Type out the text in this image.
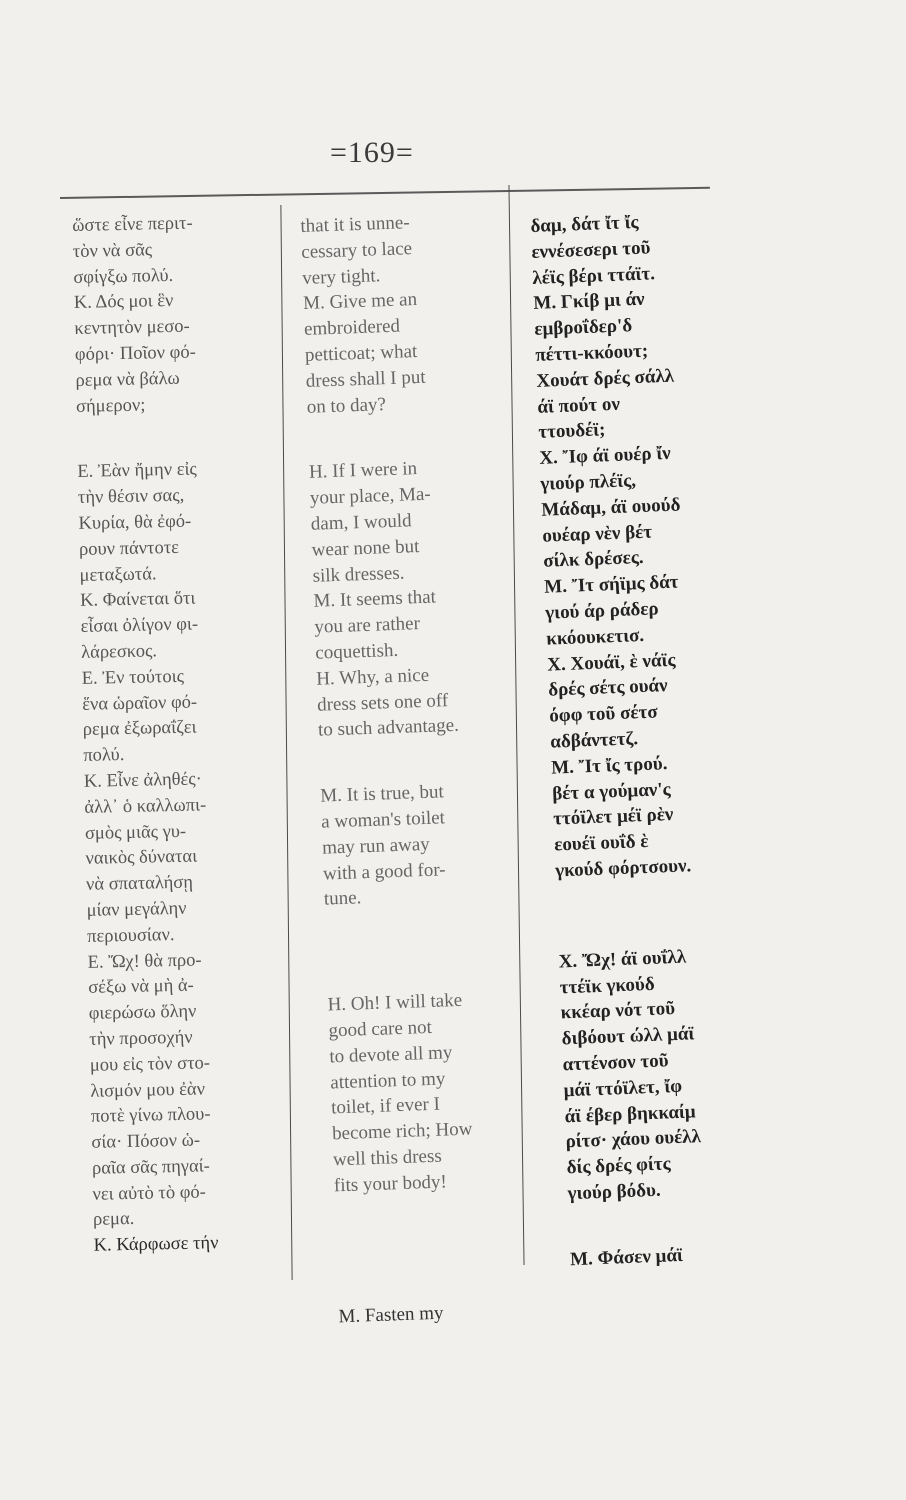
=169=
ὥστε εἶνε περιτ-
τὸν νὰ σᾶς
σφίγξω πολύ.
Κ. Δός μοι ἓν
κεντητὸν μεσο-
φόρι· Ποῖον φό-
ρεμα νὰ βάλω
σήμερον;
Ε. Ἐὰν ἤμην εἰς
τὴν θέσιν σας,
Κυρία, θὰ ἐφό-
ρουν πάντοτε
μεταξωτά.
Κ. Φαίνεται ὅτι
εἶσαι ὀλίγον φι-
λάρεσκος.
Ε. Ἐν τούτοις
ἕνα ὡραῖον φό-
ρεμα ἐξωραΐζει
πολύ.
Κ. Εἶνε ἀληθές·
ἀλλ᾽ ὁ καλλωπι-
σμὸς μιᾶς γυ-
ναικὸς δύναται
νὰ σπαταλήσῃ
μίαν μεγάλην
περιουσίαν.
Ε. Ὤχ! θὰ προ-
σέξω νὰ μὴ ἀ-
φιερώσω ὅλην
τὴν προσοχήν
μου εἰς τὸν στο-
λισμόν μου ἐὰν
ποτὲ γίνω πλου-
σία· Πόσον ὡ-
ραῖα σᾶς πηγαί-
νει αὐτὸ τὸ φό-
ρεμα.
Κ. Κάρφωσε τήν
that it is unne-
cessary to lace
very tight.
M. Give me an
embroidered
petticoat; what
dress shall I put
on to day?
H. If I were in
your place, Ma-
dam, I would
wear none but
silk dresses.
M. It seems that
you are rather
coquettish.
H. Why, a nice
dress sets one off
to such advantage.
M. It is true, but
a woman's toilet
may run away
with a good for-
tune.
H. Oh! I will take
good care not
to devote all my
attention to my
toilet, if ever I
become rich; How
well this dress
fits your body!
M. Fasten my
δαμ, δάτ ἴτ ἴς
εννέσεσερι τοῦ
λέϊς βέρι ττάϊτ.
Μ. Γκίβ μι άν
εμβροΐδερ'δ
πέττι-κκόουτ;
Χουάτ δρές σάλλ
άϊ πούτ ον
ττουδέϊ;
Χ. Ἴφ άϊ ουέρ ἴν
γιούρ πλέϊς,
Μάδαμ, άϊ ουούδ
ουέαρ νὲν βέτ
σίλκ δρέσες.
Μ. Ἴτ σήϊμς δάτ
γιού άρ ράδερ
κκόουκετισ.
Χ. Χουάϊ, ὲ νάϊς
δρές σέτς ουάν
όφφ τοῦ σέτσ
αδβάντετζ.
Μ. Ἴτ ἴς τρού.
βέτ α γούμαν'ς
ττόϊλετ μέϊ ρὲν
εουέϊ ουΐδ ὲ
γκούδ φόρτσουν.
Χ. Ὤχ! άϊ ουΐλλ
ττέϊκ γκούδ
κκέαρ νότ τοῦ
διβόουτ ώλλ μάϊ
αττένσον τοῦ
μάϊ ττόϊλετ, ἴφ
άϊ έβερ βηκκαίμ
ρίτσ· χάου ουέλλ
δίς δρές φίτς
γιούρ βόδυ.
Μ. Φάσεν μάϊ
